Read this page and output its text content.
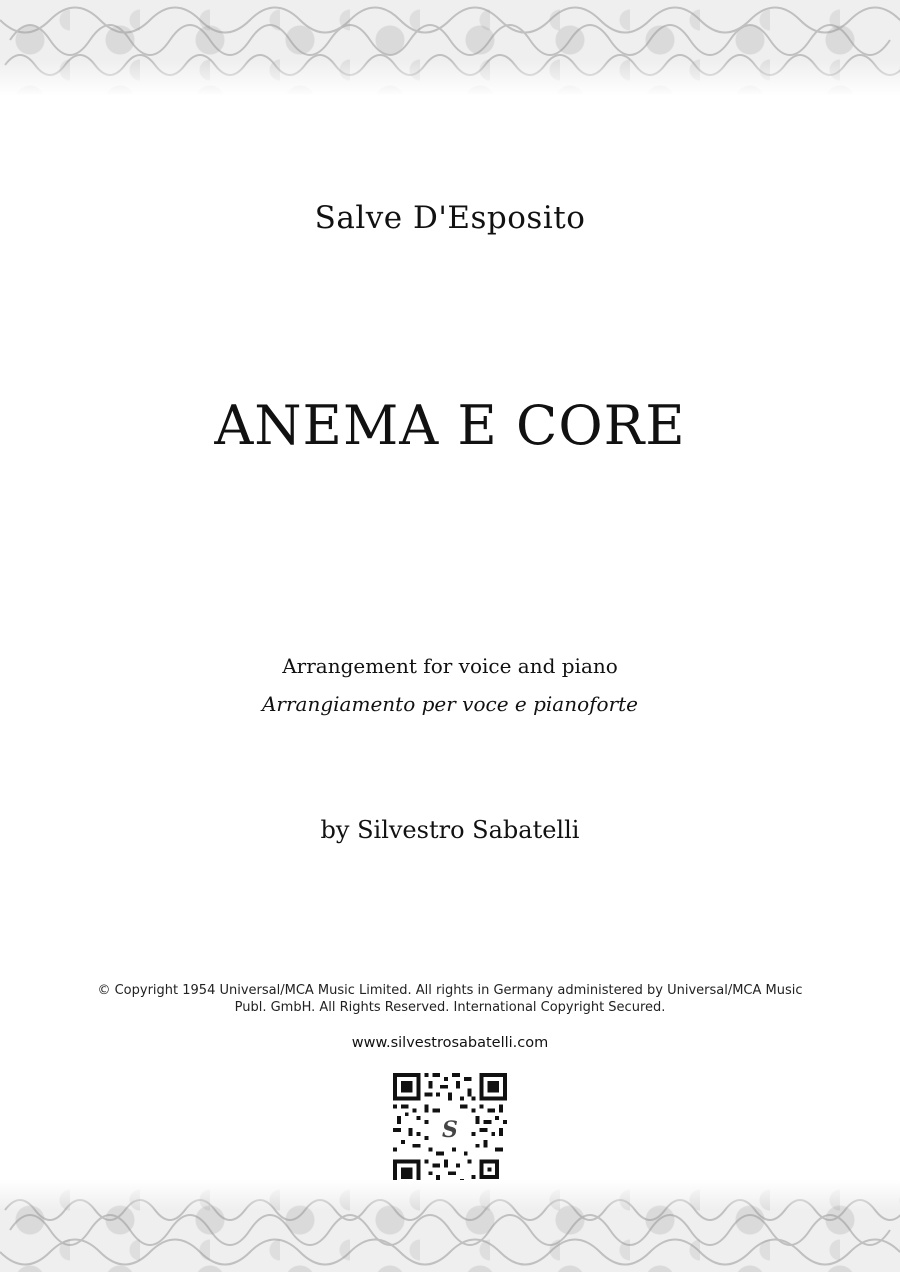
Salve D'Esposito
ANEMA E CORE
Arrangement for voice and piano
Arrangiamento per voce e pianoforte
by Silvestro Sabatelli
© Copyright 1954 Universal/MCA Music Limited. All rights in Germany administered by Universal/MCA Music Publ. GmbH. All Rights Reserved. International Copyright Secured.
www.silvestrosabatelli.com
S
